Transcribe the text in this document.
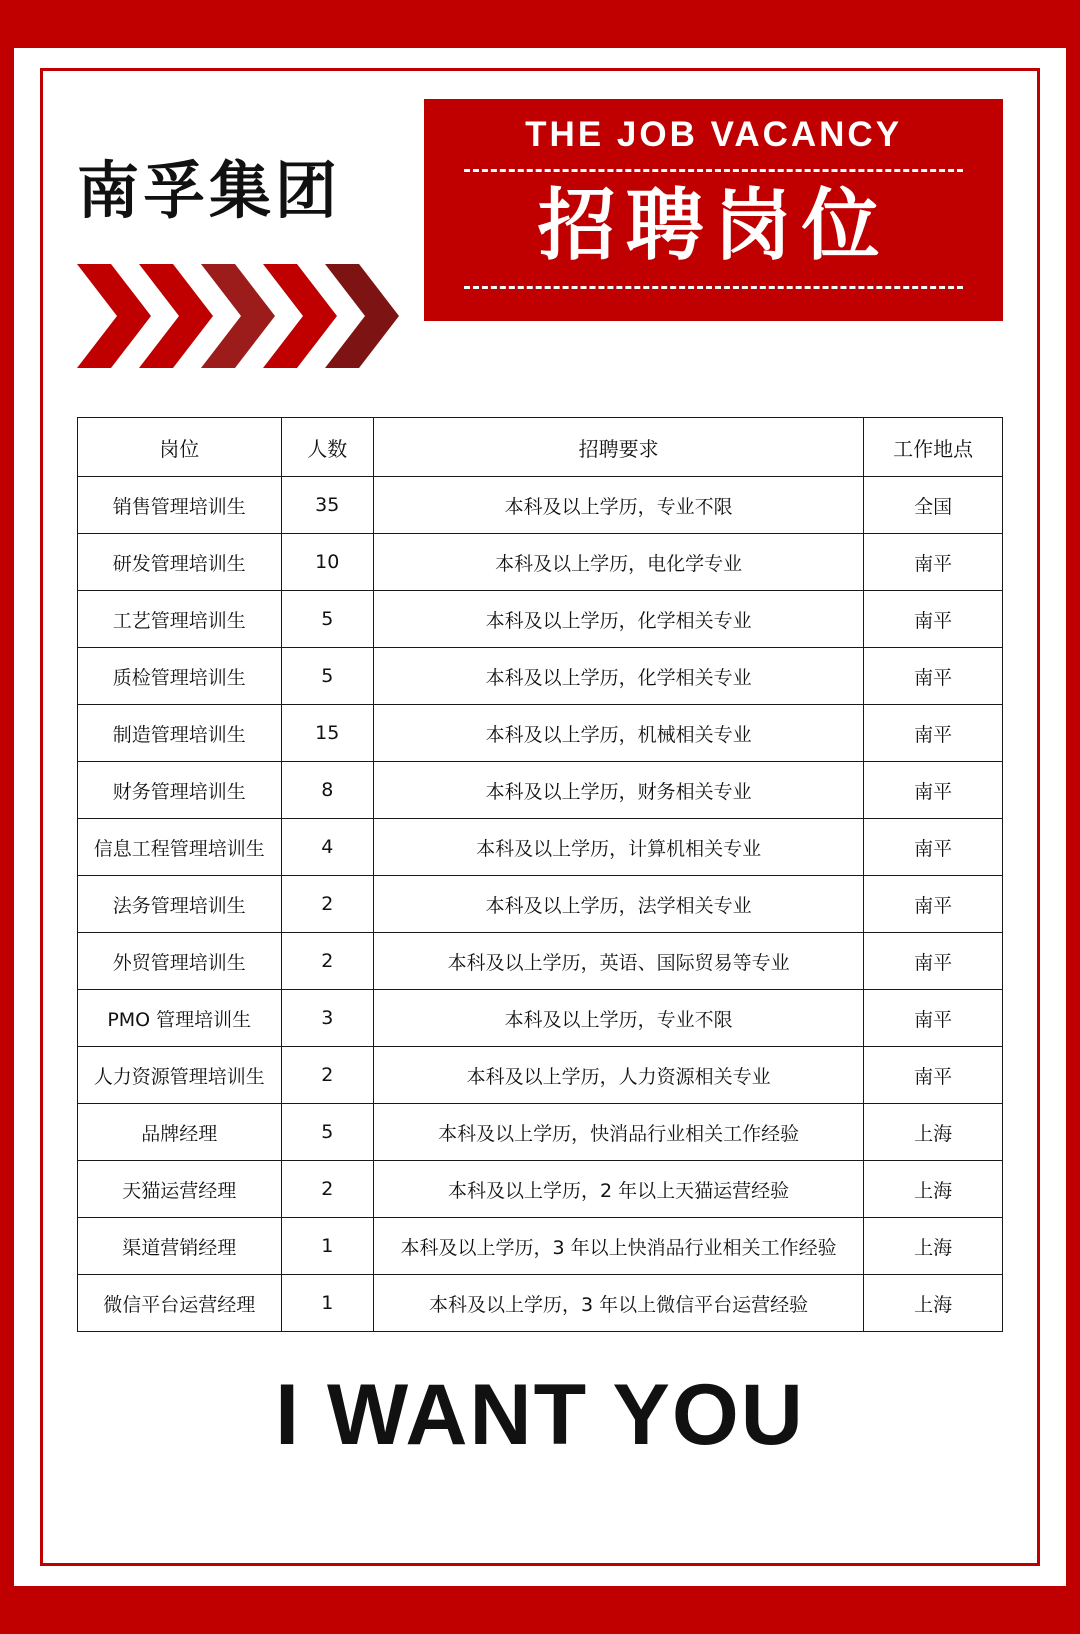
南孚集团
THE JOB VACANCY
招聘岗位
岗位	人数	招聘要求	工作地点
销售管理培训生	35	本科及以上学历，专业不限	全国
研发管理培训生	10	本科及以上学历，电化学专业	南平
工艺管理培训生	5	本科及以上学历，化学相关专业	南平
质检管理培训生	5	本科及以上学历，化学相关专业	南平
制造管理培训生	15	本科及以上学历，机械相关专业	南平
财务管理培训生	8	本科及以上学历，财务相关专业	南平
信息工程管理培训生	4	本科及以上学历，计算机相关专业	南平
法务管理培训生	2	本科及以上学历，法学相关专业	南平
外贸管理培训生	2	本科及以上学历，英语、国际贸易等专业	南平
PMO 管理培训生	3	本科及以上学历，专业不限	南平
人力资源管理培训生	2	本科及以上学历，人力资源相关专业	南平
品牌经理	5	本科及以上学历，快消品行业相关工作经验	上海
天猫运营经理	2	本科及以上学历，2 年以上天猫运营经验	上海
渠道营销经理	1	本科及以上学历，3 年以上快消品行业相关工作经验	上海
微信平台运营经理	1	本科及以上学历，3 年以上微信平台运营经验	上海
I WANT YOU
